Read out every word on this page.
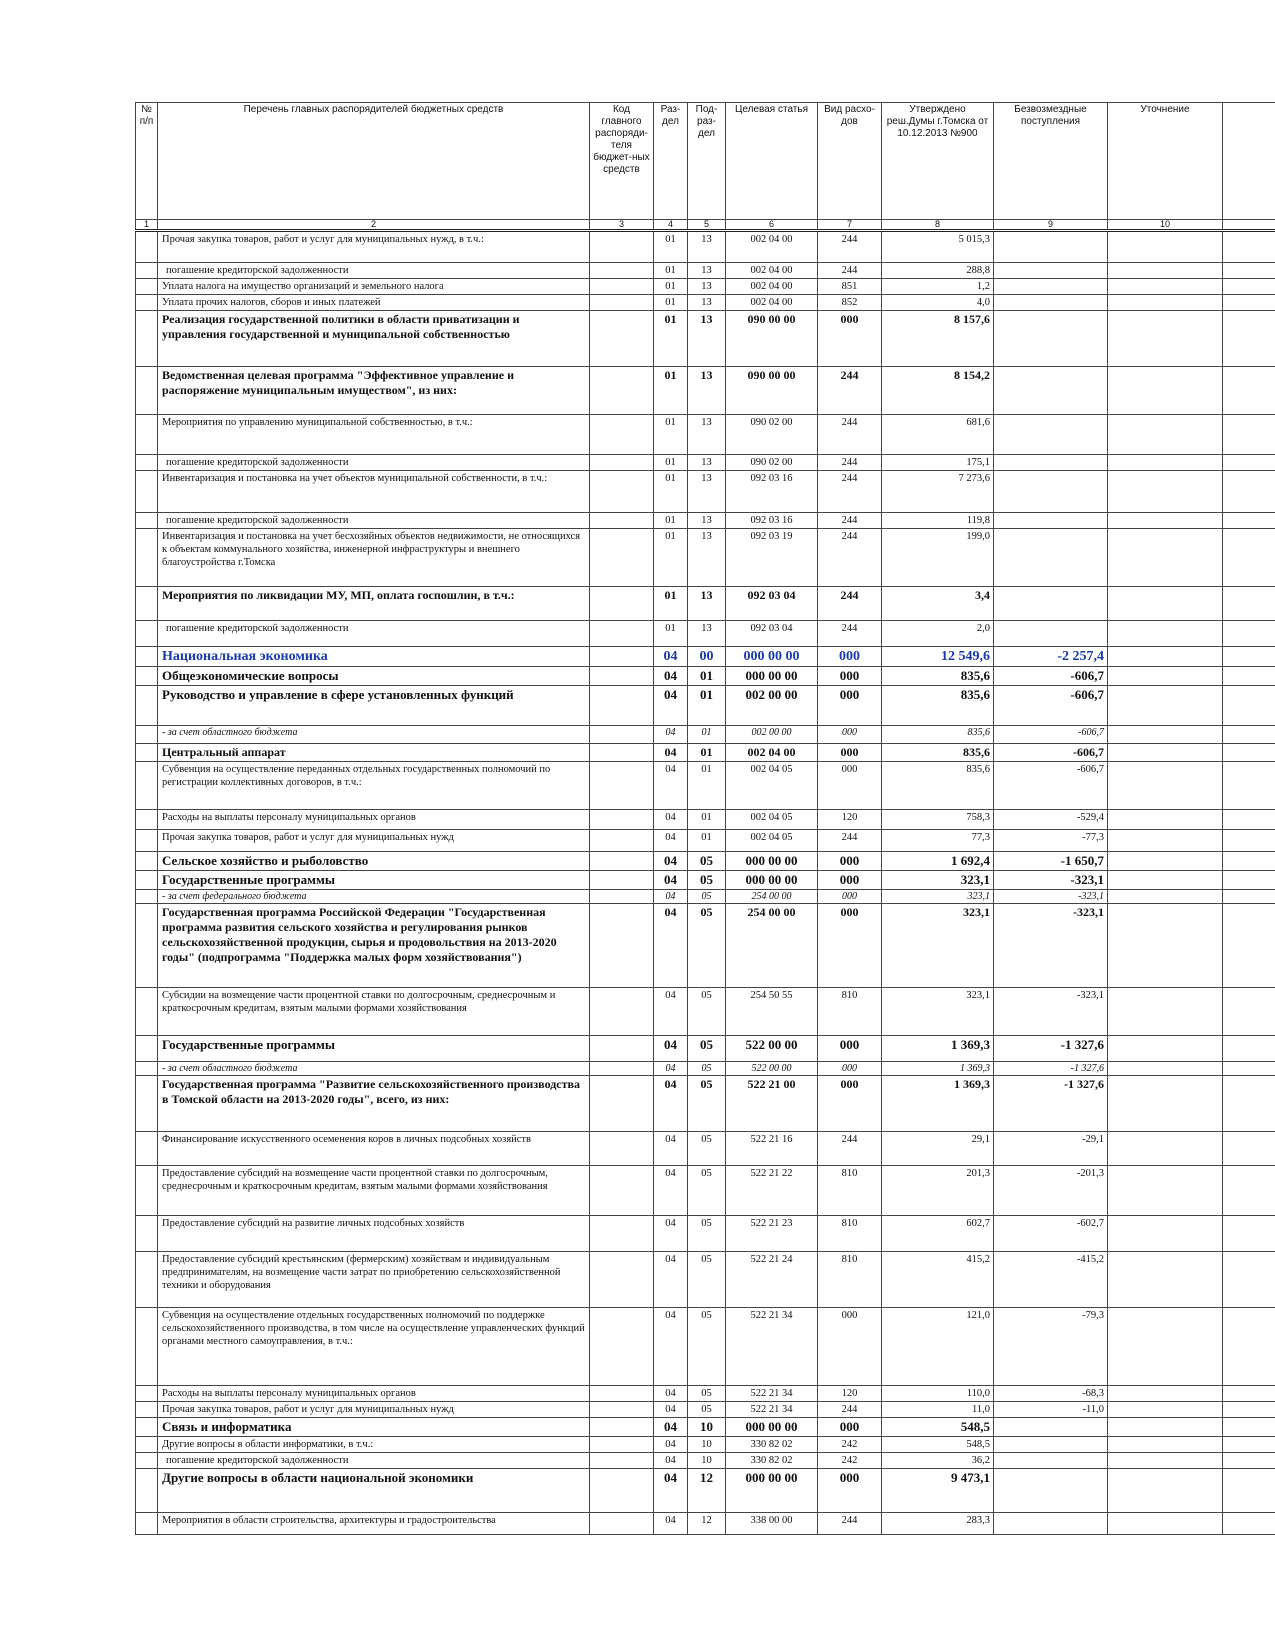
№ п/п	Перечень главных распорядителей бюджетных средств	Код главного распоряди-теля бюджет-ных средств	Раз-дел	Под-раз-дел	Целевая статья	Вид расхо-дов	Утверждено реш.Думы г.Томска от 10.12.2013 №900	Безвозмездные поступления	Уточнение	
1	2	3	4	5	6	7	8	9	10	
	Прочая закупка товаров, работ и услуг для муниципальных нужд, в т.ч.:		01	13	002 04 00	244	5 015,3			
	погашение кредиторской задолженности		01	13	002 04 00	244	288,8			
	Уплата налога на имущество организаций и земельного налога		01	13	002 04 00	851	1,2			
	Уплата прочих налогов, сборов и иных платежей		01	13	002 04 00	852	4,0			
	Реализация государственной политики в области приватизации и управления государственной и муниципальной собственностью		01	13	090 00 00	000	8 157,6			
	Ведомственная целевая программа "Эффективное управление и распоряжение муниципальным имуществом", из них:		01	13	090 00 00	244	8 154,2			
	Мероприятия по управлению муниципальной собственностью, в т.ч.:		01	13	090 02 00	244	681,6			
	погашение кредиторской задолженности		01	13	090 02 00	244	175,1			
	Инвентаризация и постановка на учет объектов муниципальной собственности, в т.ч.:		01	13	092 03 16	244	7 273,6			
	погашение кредиторской задолженности		01	13	092 03 16	244	119,8			
	Инвентаризация и постановка на учет бесхозяйных объектов недвижимости, не относящихся к объектам коммунального хозяйства, инженерной инфраструктуры и внешнего благоустройства г.Томска		01	13	092 03 19	244	199,0			
	Мероприятия по ликвидации МУ, МП, оплата госпошлин, в т.ч.:		01	13	092 03 04	244	3,4			
	погашение кредиторской задолженности		01	13	092 03 04	244	2,0			
	Национальная экономика		04	00	000 00 00	000	12 549,6	-2 257,4		
	Общеэкономические вопросы		04	01	000 00 00	000	835,6	-606,7		
	Руководство и управление в сфере установленных функций		04	01	002 00 00	000	835,6	-606,7		
	- за счет областного бюджета		04	01	002 00 00	000	835,6	-606,7		
	Центральный аппарат		04	01	002 04 00	000	835,6	-606,7		
	Субвенция на осуществление переданных отдельных государственных полномочий по регистрации коллективных договоров, в т.ч.:		04	01	002 04 05	000	835,6	-606,7		
	Расходы на выплаты персоналу муниципальных органов		04	01	002 04 05	120	758,3	-529,4		
	Прочая закупка товаров, работ и услуг для муниципальных нужд		04	01	002 04 05	244	77,3	-77,3		
	Сельское хозяйство и рыболовство		04	05	000 00 00	000	1 692,4	-1 650,7		
	Государственные программы		04	05	000 00 00	000	323,1	-323,1		
	- за счет федерального бюджета		04	05	254 00 00	000	323,1	-323,1		
	Государственная программа Российской Федерации "Государственная программа развития сельского хозяйства и регулирования рынков сельскохозяйственной продукции, сырья и продовольствия на 2013-2020 годы" (подпрограмма "Поддержка малых форм хозяйствования")		04	05	254 00 00	000	323,1	-323,1		
	Субсидии на возмещение части процентной ставки по долгосрочным, среднесрочным и краткосрочным кредитам, взятым малыми формами хозяйствования		04	05	254 50 55	810	323,1	-323,1		
	Государственные программы		04	05	522 00 00	000	1 369,3	-1 327,6		
	- за счет областного бюджета		04	05	522 00 00	000	1 369,3	-1 327,6		
	Государственная программа "Развитие сельскохозяйственного производства в Томской области на 2013-2020 годы", всего, из них:		04	05	522 21 00	000	1 369,3	-1 327,6		
	Финансирование искусственного осеменения коров в личных подсобных хозяйств		04	05	522 21 16	244	29,1	-29,1		
	Предоставление субсидий на возмещение части процентной ставки по долгосрочным, среднесрочным и краткосрочным кредитам, взятым малыми формами хозяйствования		04	05	522 21 22	810	201,3	-201,3		
	Предоставление субсидий на развитие личных подсобных хозяйств		04	05	522 21 23	810	602,7	-602,7		
	Предоставление субсидий крестьянским (фермерским) хозяйствам и индивидуальным предпринимателям, на возмещение части затрат по приобретению сельскохозяйственной техники и оборудования		04	05	522 21 24	810	415,2	-415,2		
	Субвенция на осуществление отдельных государственных полномочий по поддержке сельскохозяйственного производства, в том числе на осуществление управленческих функций органами местного самоуправления, в т.ч.:		04	05	522 21 34	000	121,0	-79,3		
	Расходы на выплаты персоналу муниципальных органов		04	05	522 21 34	120	110,0	-68,3		
	Прочая закупка товаров, работ и услуг для муниципальных нужд		04	05	522 21 34	244	11,0	-11,0		
	Связь и информатика		04	10	000 00 00	000	548,5			
	Другие вопросы в области информатики, в т.ч.:		04	10	330 82 02	242	548,5			
	погашение кредиторской задолженности		04	10	330 82 02	242	36,2			
	Другие вопросы в области национальной экономики		04	12	000 00 00	000	9 473,1			
	Мероприятия в области строительства, архитектуры и градостроительства		04	12	338 00 00	244	283,3			
